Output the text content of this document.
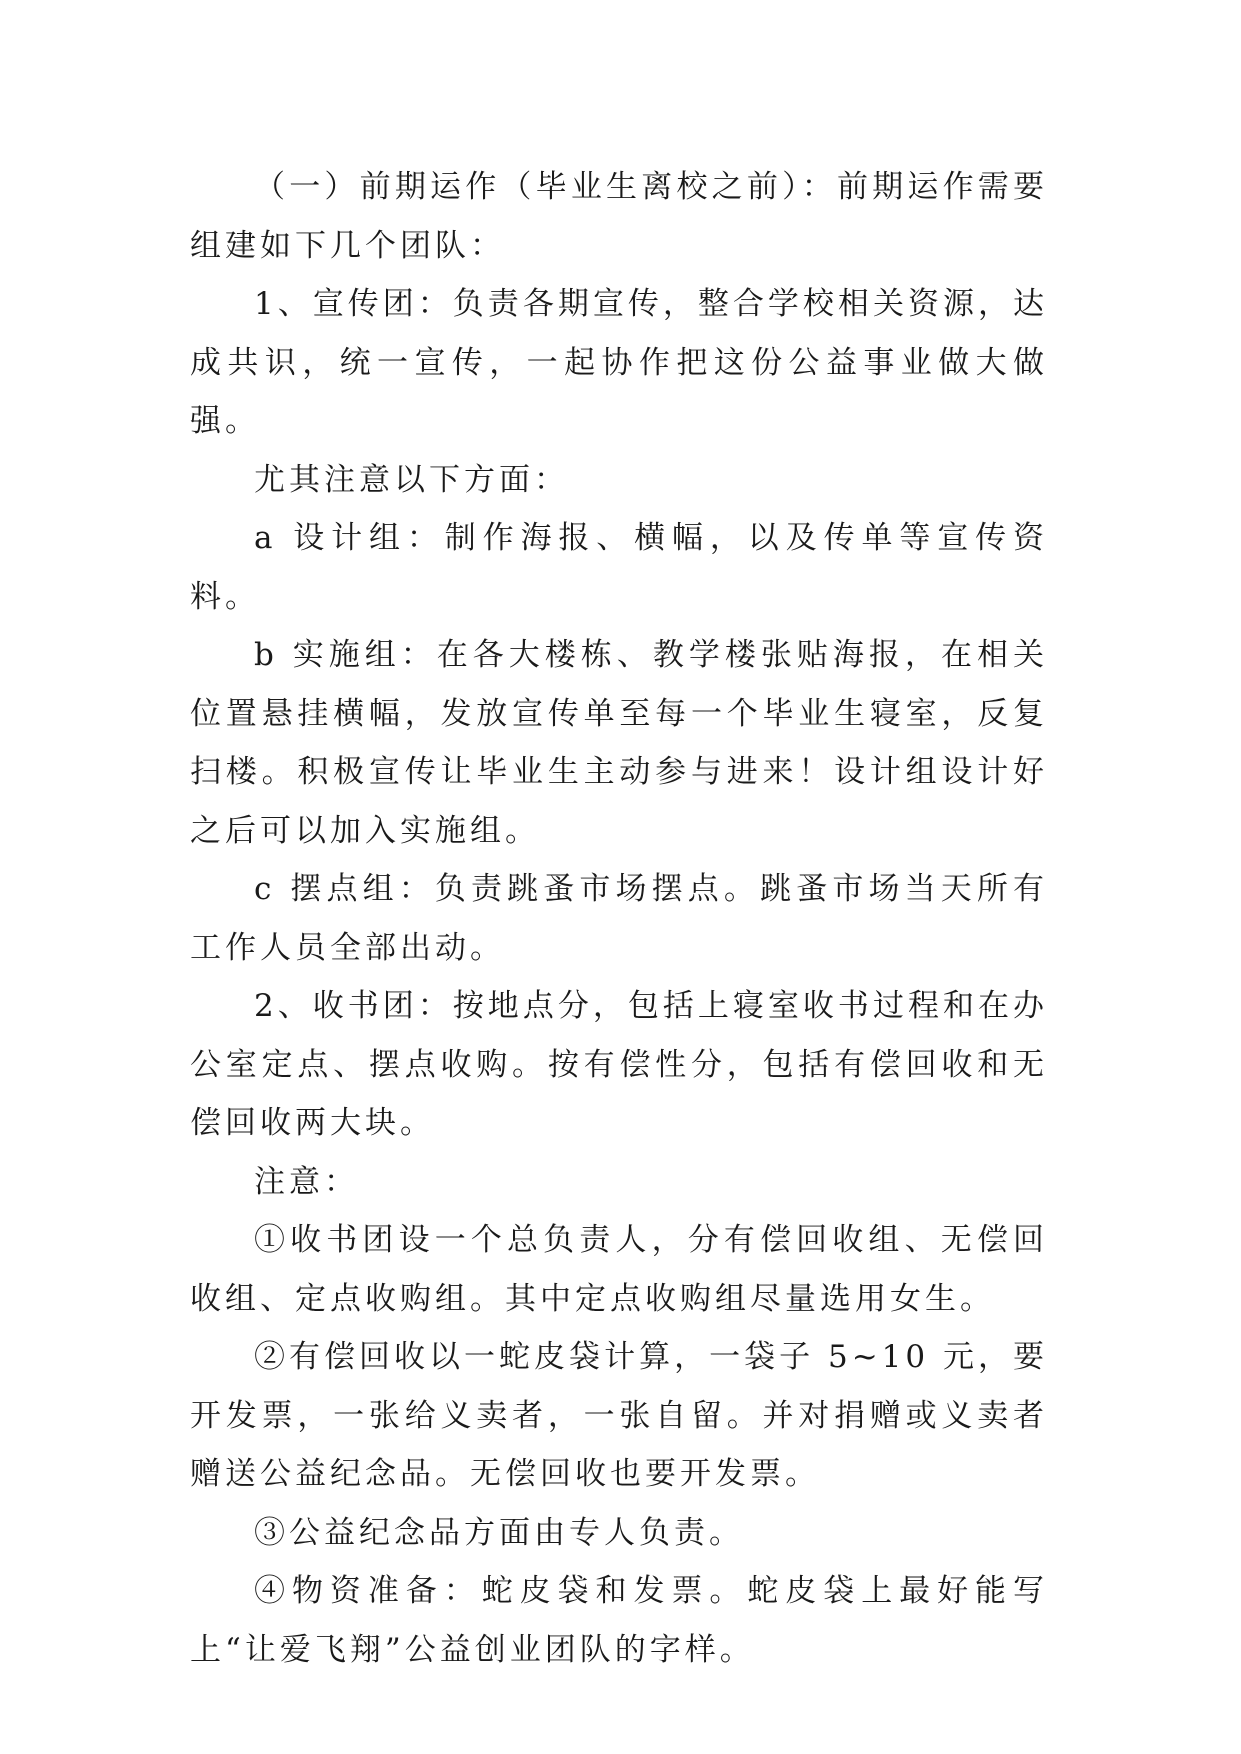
（一）前期运作（毕业生离校之前）：前期运作需要组建如下几个团队：

1、宣传团：负责各期宣传，整合学校相关资源，达成共识，统一宣传，一起协作把这份公益事业做大做强。

尤其注意以下方面：

a 设计组：制作海报、横幅，以及传单等宣传资料。

b 实施组：在各大楼栋、教学楼张贴海报，在相关位置悬挂横幅，发放宣传单至每一个毕业生寝室，反复扫楼。积极宣传让毕业生主动参与进来！设计组设计好之后可以加入实施组。

c 摆点组：负责跳蚤市场摆点。跳蚤市场当天所有工作人员全部出动。

2、收书团：按地点分，包括上寝室收书过程和在办公室定点、摆点收购。按有偿性分，包括有偿回收和无偿回收两大块。

注意：

①收书团设一个总负责人，分有偿回收组、无偿回收组、定点收购组。其中定点收购组尽量选用女生。

②有偿回收以一蛇皮袋计算，一袋子 5~10 元，要开发票，一张给义卖者，一张自留。并对捐赠或义卖者赠送公益纪念品。无偿回收也要开发票。

③公益纪念品方面由专人负责。

④物资准备：蛇皮袋和发票。蛇皮袋上最好能写上“让爱飞翔”公益创业团队的字样。
